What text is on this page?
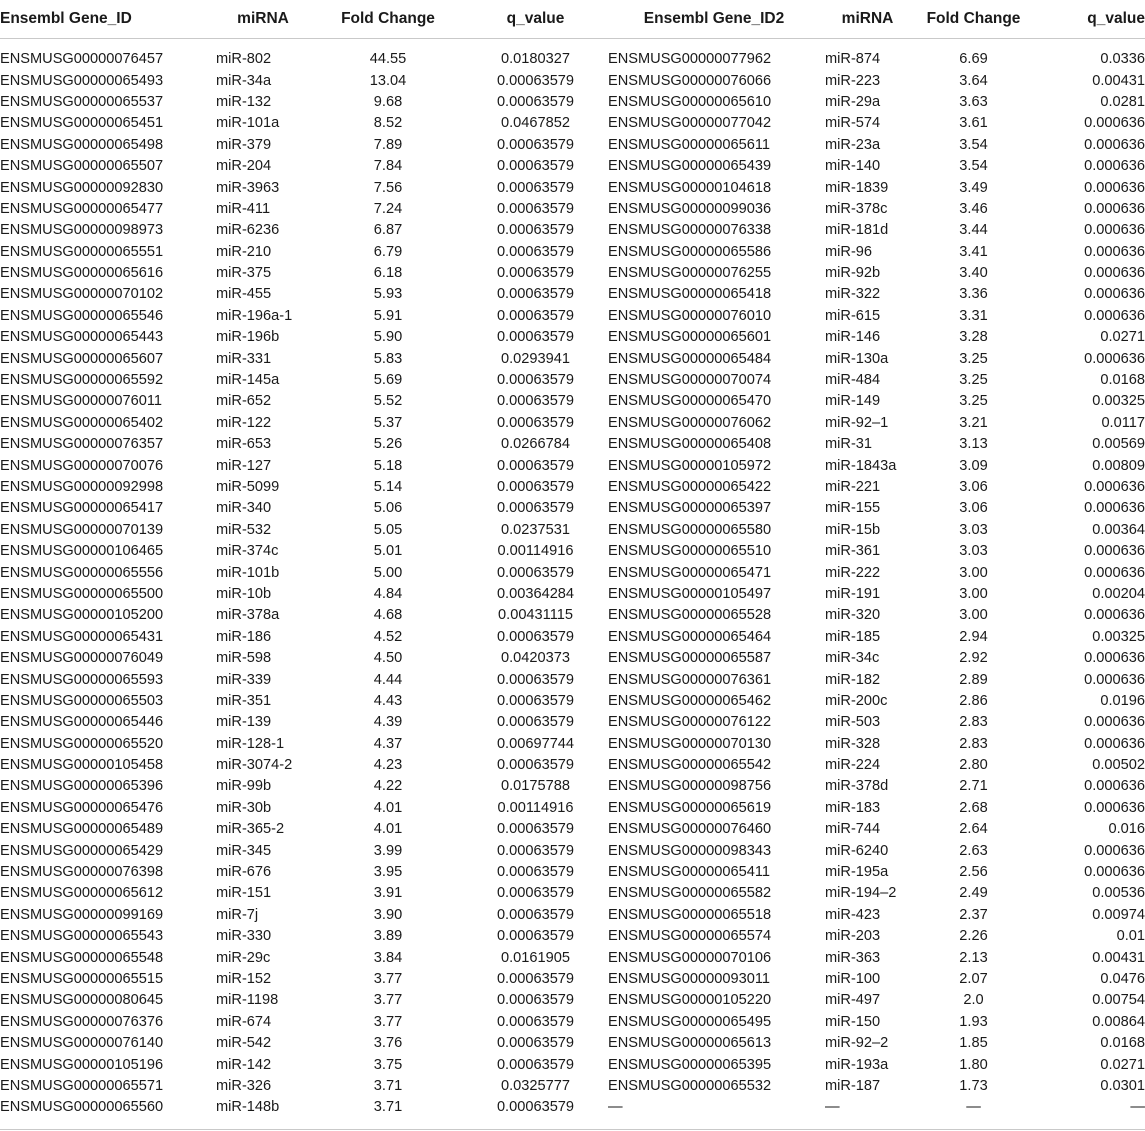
Ensembl Gene_ID	miRNA	Fold Change	q_value	Ensembl Gene_ID2	miRNA	Fold Change	q_value

ENSMUSG00000076457	miR-802	44.55	0.0180327	ENSMUSG00000077962	miR-874	6.69	0.0336
ENSMUSG00000065493	miR-34a	13.04	0.00063579	ENSMUSG00000076066	miR-223	3.64	0.00431
ENSMUSG00000065537	miR-132	9.68	0.00063579	ENSMUSG00000065610	miR-29a	3.63	0.0281
ENSMUSG00000065451	miR-101a	8.52	0.0467852	ENSMUSG00000077042	miR-574	3.61	0.000636
ENSMUSG00000065498	miR-379	7.89	0.00063579	ENSMUSG00000065611	miR-23a	3.54	0.000636
ENSMUSG00000065507	miR-204	7.84	0.00063579	ENSMUSG00000065439	miR-140	3.54	0.000636
ENSMUSG00000092830	miR-3963	7.56	0.00063579	ENSMUSG00000104618	miR-1839	3.49	0.000636
ENSMUSG00000065477	miR-411	7.24	0.00063579	ENSMUSG00000099036	miR-378c	3.46	0.000636
ENSMUSG00000098973	miR-6236	6.87	0.00063579	ENSMUSG00000076338	miR-181d	3.44	0.000636
ENSMUSG00000065551	miR-210	6.79	0.00063579	ENSMUSG00000065586	miR-96	3.41	0.000636
ENSMUSG00000065616	miR-375	6.18	0.00063579	ENSMUSG00000076255	miR-92b	3.40	0.000636
ENSMUSG00000070102	miR-455	5.93	0.00063579	ENSMUSG00000065418	miR-322	3.36	0.000636
ENSMUSG00000065546	miR-196a-1	5.91	0.00063579	ENSMUSG00000076010	miR-615	3.31	0.000636
ENSMUSG00000065443	miR-196b	5.90	0.00063579	ENSMUSG00000065601	miR-146	3.28	0.0271
ENSMUSG00000065607	miR-331	5.83	0.0293941	ENSMUSG00000065484	miR-130a	3.25	0.000636
ENSMUSG00000065592	miR-145a	5.69	0.00063579	ENSMUSG00000070074	miR-484	3.25	0.0168
ENSMUSG00000076011	miR-652	5.52	0.00063579	ENSMUSG00000065470	miR-149	3.25	0.00325
ENSMUSG00000065402	miR-122	5.37	0.00063579	ENSMUSG00000076062	miR-92–1	3.21	0.0117
ENSMUSG00000076357	miR-653	5.26	0.0266784	ENSMUSG00000065408	miR-31	3.13	0.00569
ENSMUSG00000070076	miR-127	5.18	0.00063579	ENSMUSG00000105972	miR-1843a	3.09	0.00809
ENSMUSG00000092998	miR-5099	5.14	0.00063579	ENSMUSG00000065422	miR-221	3.06	0.000636
ENSMUSG00000065417	miR-340	5.06	0.00063579	ENSMUSG00000065397	miR-155	3.06	0.000636
ENSMUSG00000070139	miR-532	5.05	0.0237531	ENSMUSG00000065580	miR-15b	3.03	0.00364
ENSMUSG00000106465	miR-374c	5.01	0.00114916	ENSMUSG00000065510	miR-361	3.03	0.000636
ENSMUSG00000065556	miR-101b	5.00	0.00063579	ENSMUSG00000065471	miR-222	3.00	0.000636
ENSMUSG00000065500	miR-10b	4.84	0.00364284	ENSMUSG00000105497	miR-191	3.00	0.00204
ENSMUSG00000105200	miR-378a	4.68	0.00431115	ENSMUSG00000065528	miR-320	3.00	0.000636
ENSMUSG00000065431	miR-186	4.52	0.00063579	ENSMUSG00000065464	miR-185	2.94	0.00325
ENSMUSG00000076049	miR-598	4.50	0.0420373	ENSMUSG00000065587	miR-34c	2.92	0.000636
ENSMUSG00000065593	miR-339	4.44	0.00063579	ENSMUSG00000076361	miR-182	2.89	0.000636
ENSMUSG00000065503	miR-351	4.43	0.00063579	ENSMUSG00000065462	miR-200c	2.86	0.0196
ENSMUSG00000065446	miR-139	4.39	0.00063579	ENSMUSG00000076122	miR-503	2.83	0.000636
ENSMUSG00000065520	miR-128-1	4.37	0.00697744	ENSMUSG00000070130	miR-328	2.83	0.000636
ENSMUSG00000105458	miR-3074-2	4.23	0.00063579	ENSMUSG00000065542	miR-224	2.80	0.00502
ENSMUSG00000065396	miR-99b	4.22	0.0175788	ENSMUSG00000098756	miR-378d	2.71	0.000636
ENSMUSG00000065476	miR-30b	4.01	0.00114916	ENSMUSG00000065619	miR-183	2.68	0.000636
ENSMUSG00000065489	miR-365-2	4.01	0.00063579	ENSMUSG00000076460	miR-744	2.64	0.016
ENSMUSG00000065429	miR-345	3.99	0.00063579	ENSMUSG00000098343	miR-6240	2.63	0.000636
ENSMUSG00000076398	miR-676	3.95	0.00063579	ENSMUSG00000065411	miR-195a	2.56	0.000636
ENSMUSG00000065612	miR-151	3.91	0.00063579	ENSMUSG00000065582	miR-194–2	2.49	0.00536
ENSMUSG00000099169	miR-7j	3.90	0.00063579	ENSMUSG00000065518	miR-423	2.37	0.00974
ENSMUSG00000065543	miR-330	3.89	0.00063579	ENSMUSG00000065574	miR-203	2.26	0.01
ENSMUSG00000065548	miR-29c	3.84	0.0161905	ENSMUSG00000070106	miR-363	2.13	0.00431
ENSMUSG00000065515	miR-152	3.77	0.00063579	ENSMUSG00000093011	miR-100	2.07	0.0476
ENSMUSG00000080645	miR-1198	3.77	0.00063579	ENSMUSG00000105220	miR-497	2.0	0.00754
ENSMUSG00000076376	miR-674	3.77	0.00063579	ENSMUSG00000065495	miR-150	1.93	0.00864
ENSMUSG00000076140	miR-542	3.76	0.00063579	ENSMUSG00000065613	miR-92–2	1.85	0.0168
ENSMUSG00000105196	miR-142	3.75	0.00063579	ENSMUSG00000065395	miR-193a	1.80	0.0271
ENSMUSG00000065571	miR-326	3.71	0.0325777	ENSMUSG00000065532	miR-187	1.73	0.0301
ENSMUSG00000065560	miR-148b	3.71	0.00063579	—	—	—	—
